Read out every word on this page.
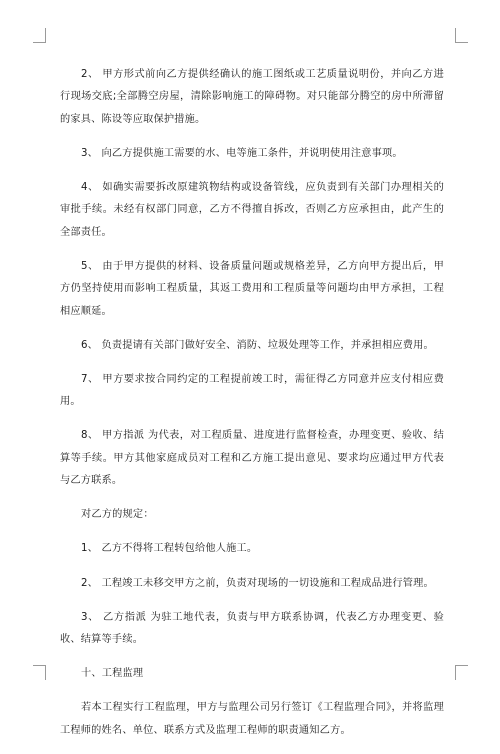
2、 甲方形式前向乙方提供经确认的施工图纸或工艺质量说明份，并向乙方进行现场交底;全部腾空房屋，清除影响施工的障碍物。对只能部分腾空的房中所滞留的家具、陈设等应取保护措施。

3、 向乙方提供施工需要的水、电等施工条件，并说明使用注意事项。

4、 如确实需要拆改原建筑物结构或设备管线，应负责到有关部门办理相关的审批手续。未经有权部门同意，乙方不得擅自拆改，否则乙方应承担由，此产生的全部责任。

5、 由于甲方提供的材料、设备质量问题或规格差异，乙方向甲方提出后，甲方仍坚持使用而影响工程质量，其返工费用和工程质量等问题均由甲方承担，工程相应顺延。

6、 负责提请有关部门做好安全、消防、垃圾处理等工作，并承担相应费用。

7、 甲方要求按合同约定的工程提前竣工时，需征得乙方同意并应支付相应费用。

8、 甲方指派 为代表，对工程质量、进度进行监督检查，办理变更、验收、结算等手续。甲方其他家庭成员对工程和乙方施工提出意见、要求均应通过甲方代表与乙方联系。

对乙方的规定：

1、 乙方不得将工程转包给他人施工。

2、 工程竣工未移交甲方之前，负责对现场的一切设施和工程成品进行管理。

3、 乙方指派 为驻工地代表，负责与甲方联系协调，代表乙方办理变更、验收、结算等手续。

十、工程监理

若本工程实行工程监理，甲方与监理公司另行签订《工程监理合同》，并将监理工程师的姓名、单位、联系方式及监理工程师的职责通知乙方。
